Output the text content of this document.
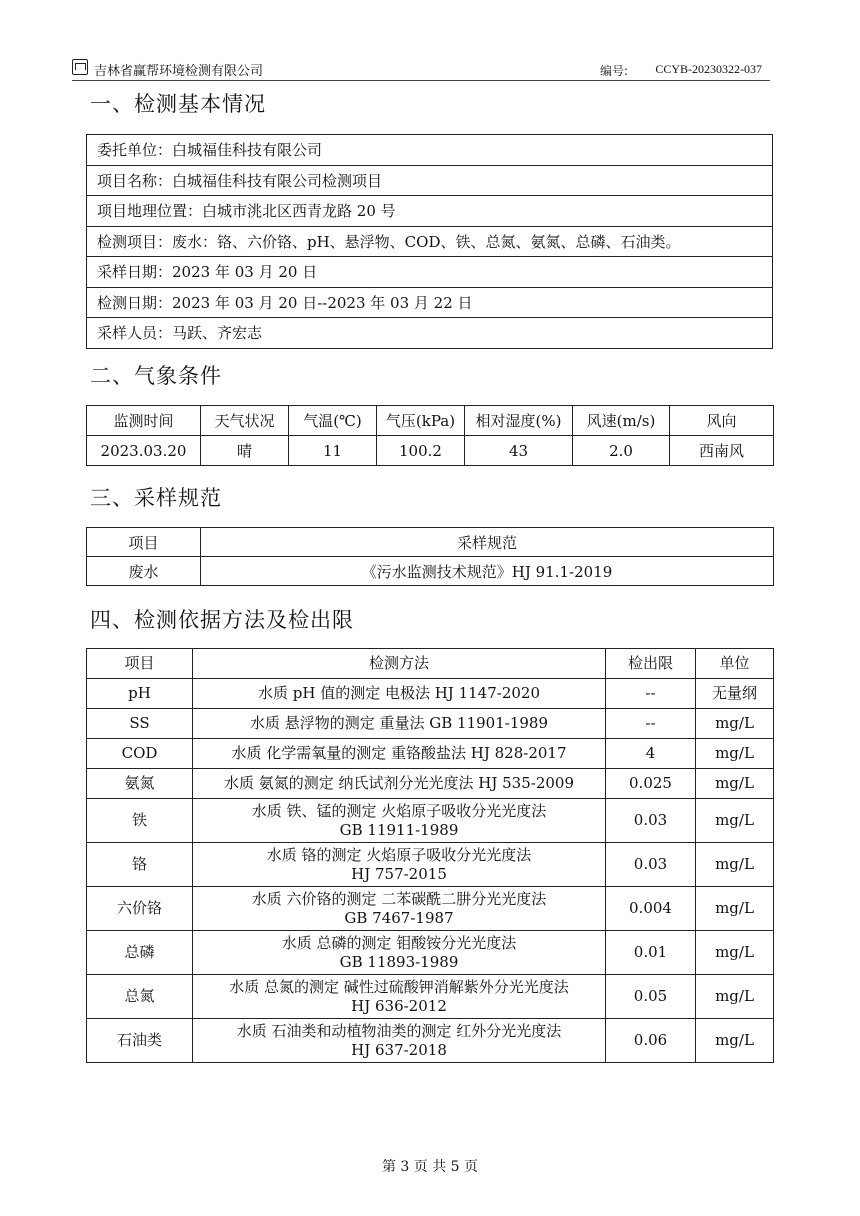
吉林省赢帮环境检测有限公司	编号: CCYB-20230322-037
一、检测基本情况
委托单位：白城福佳科技有限公司
项目名称：白城福佳科技有限公司检测项目
项目地理位置：白城市洮北区西青龙路 20 号
检测项目：废水：铬、六价铬、pH、悬浮物、COD、铁、总氮、氨氮、总磷、石油类。
采样日期：2023 年 03 月 20 日
检测日期：2023 年 03 月 20 日--2023 年 03 月 22 日
采样人员：马跃、齐宏志
二、气象条件
监测时间	天气状况	气温(℃)	气压(kPa)	相对湿度(%)	风速(m/s)	风向
2023.03.20	晴	11	100.2	43	2.0	西南风
三、采样规范
项目	采样规范
废水	《污水监测技术规范》HJ 91.1-2019
四、检测依据方法及检出限
项目	检测方法	检出限	单位
pH	水质 pH 值的测定 电极法 HJ 1147-2020	--	无量纲
SS	水质 悬浮物的测定 重量法 GB 11901-1989	--	mg/L
COD	水质 化学需氧量的测定 重铬酸盐法 HJ 828-2017	4	mg/L
氨氮	水质 氨氮的测定 纳氏试剂分光光度法 HJ 535-2009	0.025	mg/L
铁	水质 铁、锰的测定 火焰原子吸收分光光度法
GB 11911-1989	0.03	mg/L
铬	水质 铬的测定 火焰原子吸收分光光度法
HJ 757-2015	0.03	mg/L
六价铬	水质 六价铬的测定 二苯碳酰二肼分光光度法
GB 7467-1987	0.004	mg/L
总磷	水质 总磷的测定 钼酸铵分光光度法
GB 11893-1989	0.01	mg/L
总氮	水质 总氮的测定 碱性过硫酸钾消解紫外分光光度法
HJ 636-2012	0.05	mg/L
石油类	水质 石油类和动植物油类的测定 红外分光光度法
HJ 637-2018	0.06	mg/L
第 3 页 共 5 页
